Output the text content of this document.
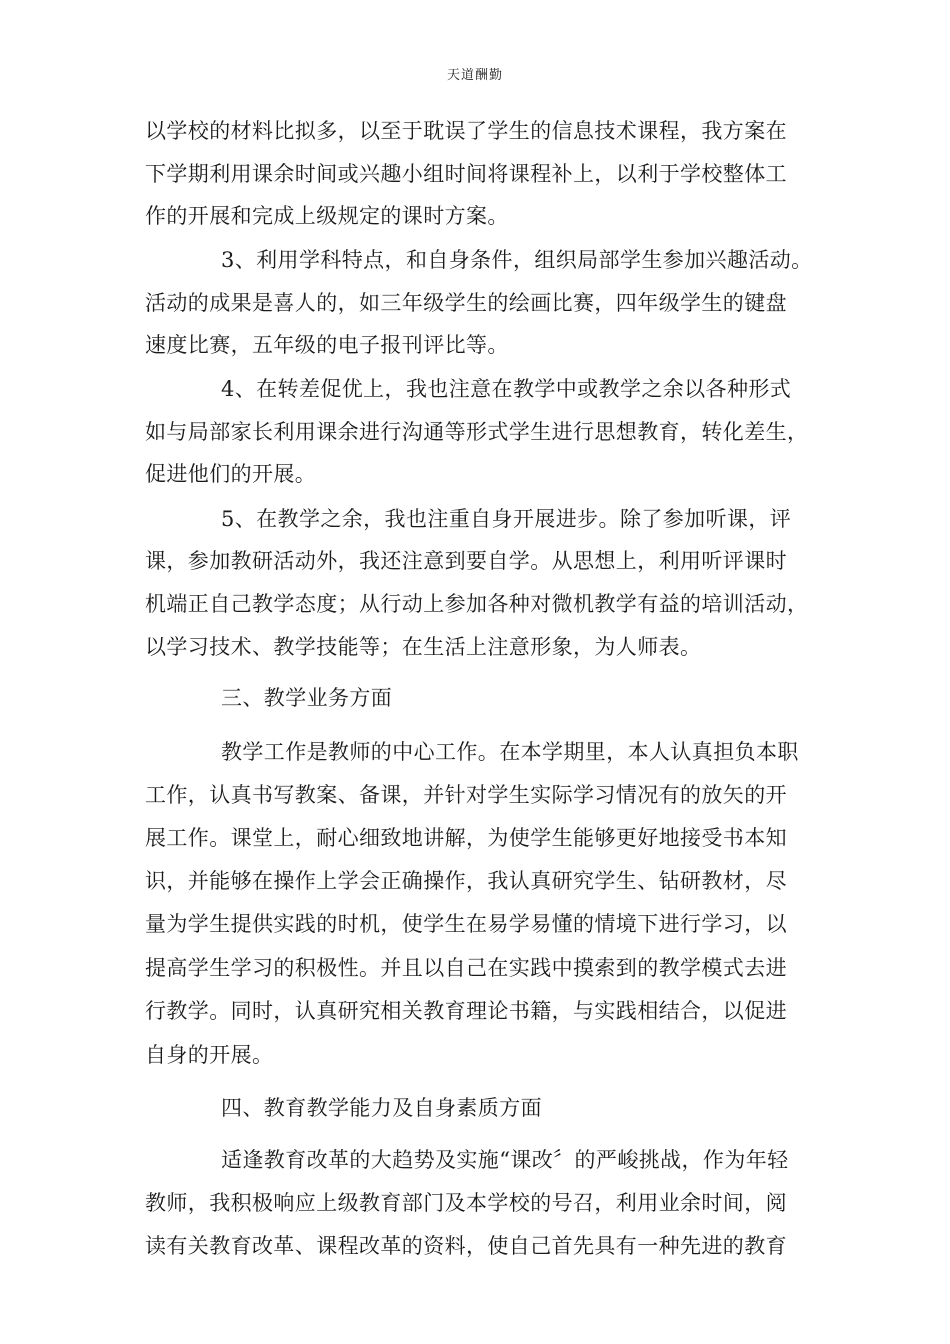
天道酬勤
以学校的材料比拟多，以至于耽误了学生的信息技术课程，我方案在
下学期利用课余时间或兴趣小组时间将课程补上，以利于学校整体工
作的开展和完成上级规定的课时方案。
3、利用学科特点，和自身条件，组织局部学生参加兴趣活动。
活动的成果是喜人的，如三年级学生的绘画比赛，四年级学生的键盘
速度比赛，五年级的电子报刊评比等。
4、在转差促优上，我也注意在教学中或教学之余以各种形式
如与局部家长利用课余进行沟通等形式学生进行思想教育，转化差生，
促进他们的开展。
5、在教学之余，我也注重自身开展进步。除了参加听课，评
课，参加教研活动外，我还注意到要自学。从思想上，利用听评课时
机端正自己教学态度；从行动上参加各种对微机教学有益的培训活动，
以学习技术、教学技能等；在生活上注意形象，为人师表。
三、教学业务方面
教学工作是教师的中心工作。在本学期里，本人认真担负本职
工作，认真书写教案、备课，并针对学生实际学习情况有的放矢的开
展工作。课堂上，耐心细致地讲解，为使学生能够更好地接受书本知
识，并能够在操作上学会正确操作，我认真研究学生、钻研教材，尽
量为学生提供实践的时机，使学生在易学易懂的情境下进行学习，以
提高学生学习的积极性。并且以自己在实践中摸索到的教学模式去进
行教学。同时，认真研究相关教育理论书籍，与实践相结合，以促进
自身的开展。
四、教育教学能力及自身素质方面
适逢教育改革的大趋势及实施“课改〞的严峻挑战，作为年轻
教师，我积极响应上级教育部门及本学校的号召，利用业余时间，阅
读有关教育改革、课程改革的资料，使自己首先具有一种先进的教育
